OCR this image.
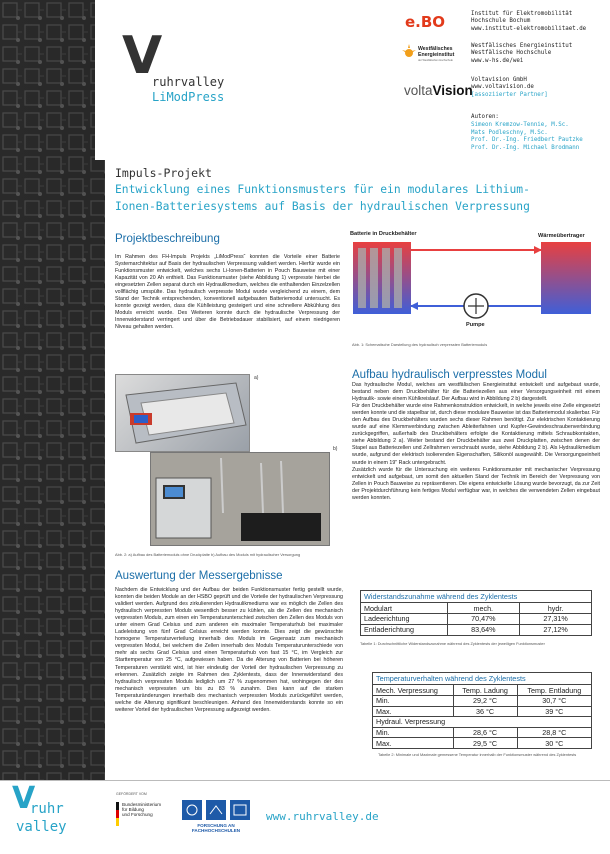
V
ruhrvalley
LiModPress
e.BO	Institut für Elektromobilität
Hochschule Bochum
www.institut-elektromobilitaet.de
Westfälisches Energieinstitut
der Westfälischen Hochschule
Westfälisches Energieinstitut
Westfälische Hochschule
www.w-hs.de/wei
voltaVision
Voltavision GmbH
www.voltavision.de
[assoziierter Partner]
Autoren:
Simeon Kremzow-Tennie, M.Sc.
Mats Podleschny, M.Sc.
Prof. Dr.-Ing. Friedbert Pautzke
Prof. Dr.-Ing. Michael Brodmann
Impuls-Projekt
Entwicklung eines Funktionsmusters für ein modulares Lithium-
Ionen-Batteriesystems auf Basis der hydraulischen Verpressung
Projektbeschreibung
Im Rahmen des FH-Impuls Projekts „LiModPress“ konnten die Vorteile einer Batterie Systemarchitektur auf Basis der hydraulischen Verpressung validiert werden. Hierfür wurde ein Funktionsmuster entwickelt, welches sechs Li-Ionen-Batterien in Pouch Bauweise mit einer Kapazität von 20 Ah enthielt. Das Funktionsmuster (siehe Abbildung 1) verpresste hierbei die eingesetzten Zellen separat durch ein Hydraulikmedium, welches die enthaltenden Einzelzellen vollflächig umspülte. Das hydraulisch verpresste Modul wurde vergleichend zu einem, dem Stand der Technik entsprechenden, konventionell aufgebauten Batteriemodul untersucht. Es konnte gezeigt werden, dass die Kühlleistung gesteigert und eine schnellere Abkühlung des Moduls erreicht wurde. Des Weiteren konnte durch die hydraulische Verpressung der Innenwiderstand verringert und über die Betriebsdauer stabilisiert, auf einem niedrigeren Niveau gehalten werden.
Batterie in Druckbehälter	Wärmeübertrager
Pumpe
Abb. 1: Schematische Darstellung des hydraulisch verpressten Batteriemoduls
a)
b)
Abb. 2: a) Aufbau des Batteriemoduls ohne Druckplatte b) Aufbau des Moduls mit hydraulischer Versorgung
Aufbau hydraulisch verpresstes Modul

Das hydraulische Modul, welches am westfälischen Energieinstitut entwickelt und aufgebaut wurde, bestand neben dem Druckbehälter für die Batteriezellen aus einer Versorgungseinheit mit einem Hydraulik- sowie einem Kühlkreislauf. Der Aufbau wird in Abbildung 2 b) dargestellt.

Für den Druckbehälter wurde eine Rahmenkonstruktion entwickelt, in welche jeweils eine Zelle eingesetzt werden konnte und die stapelbar ist, durch diese modulare Bauweise ist das Batteriemodul skalierbar. Für den Aufbau des Druckbehälters wurden sechs dieser Rahmen benötigt. Zur elektrischen Kontaktierung wurde auf eine Klemmverbindung zwischen Ableiterfahnen und Kupfer-Gewindeschraubenverbindung zurückgegriffen, außerhalb des Druckbehälters erfolgte die Kontaktierung mittels Schraubkontakten, siehe Abbildung 2 a). Weiter bestand der Druckbehälter aus zwei Druckplatten, zwischen denen der Stapel aus Batteriezellen und Zellrahmen verschraubt wurde, siehe Abbildung 2 b). Als Hydraulikmedium wurde, aufgrund der elektrisch isolierenden Eigenschaften, Silikonöl ausgewählt. Die Versorgungseinheit wurde in einem 19" Rack untergebracht.

Zusätzlich wurde für die Untersuchung ein weiteres Funktionsmuster mit mechanischer Verpressung entwickelt und aufgebaut, um somit den aktuellen Stand der Technik im Bereich der Verpressung von Zellen in Pouch Bauweise zu repräsentieren. Die eigens entwickelte Lösung wurde bevorzugt, da zur Zeit der Projektdurchführung kein fertiges Modul verfügbar war, in welches die verwendeten Zellen eingebaut werden konnten.

Auswertung der Messergebnisse
Nachdem die Entwicklung und der Aufbau der beiden Funktionsmuster fertig gestellt wurde, konnten die beiden Module an der HSBO geprüft und die Vorteile der hydraulischen Verpressung validiert werden. Aufgrund des zirkulierenden Hydraulikmediums war es möglich die Zellen des hydraulisch verpressten Moduls wesentlich besser zu kühlen, als die Zellen des mechanisch verpressten Moduls, zum einen ein Temperaturunterschied zwischen den Zellen des Moduls von unter einem Grad Celsius und zum anderen ein maximaler Temperaturhub bei maximaler Ladeleistung von fünf Grad Celsius erreicht werden konnte. Dies zeigt die gewünschte homogene Temperaturverteilung innerhalb des Moduls im Gegensatz zum mechanisch verpressten Modul, bei welchem die Zellen innerhalb des Moduls Temperaturunterschiede von mehr als sechs Grad Celsius und einen Temperaturhub von fast 15 °C, im Vergleich zur Starttemperatur von 25 °C, aufgewiesen haben. Da die Alterung von Batterien bei höheren Temperaturen verstärkt wird, ist hier eindeutig der Vorteil der hydraulischen Verpressung zu erkennen. Zusätzlich zeigte im Rahmen des Zyklentests, dass der Innenwiderstand des hydraulisch verpressten Moduls lediglich um 27 % zugenommen hat, wohingegen der des mechanisch verpressten um bis zu 83 % zunahm. Dies kann auf die starken Temperaturänderungen innerhalb des mechanisch verpressten Moduls zurückgeführt werden, welche die Alterung signifikant beschleunigen. Anhand des Innenwiderstands konnte so ein weiterer Vorteil der hydraulischen Verpressung aufgezeigt werden.
Widerstandszunahme während des Zyklentests
Modulart	mech.	hydr.
Ladeerichtung	70,47%	27,31%
Entladerichtung	83,64%	27,12%
Tabelle 1: Durchschnittliche Widerstandszunahme während des Zyklentests der jeweiligen Funktionsmuster
Temperaturverhalten während des Zyklentests
Mech. Verpressung	Temp. Ladung	Temp. Entladung
Min.	29,2 °C	30,7 °C
Max.	36 °C	39 °C
Hydraul. Verpressung		
Min.	28,6 °C	28,8 °C
Max.	29,5 °C	30 °C
Tabelle 2: Minimale und Maximale gemessene Temperatur innerhalb der Funktionsmuster während des Zyklentests
V
ruhr
valley
GEFÖRDERT VOM
Bundesministerium
für Bildung
und Forschung
FORSCHUNG AN
FACHHOCHSCHULEN
www.ruhrvalley.de
